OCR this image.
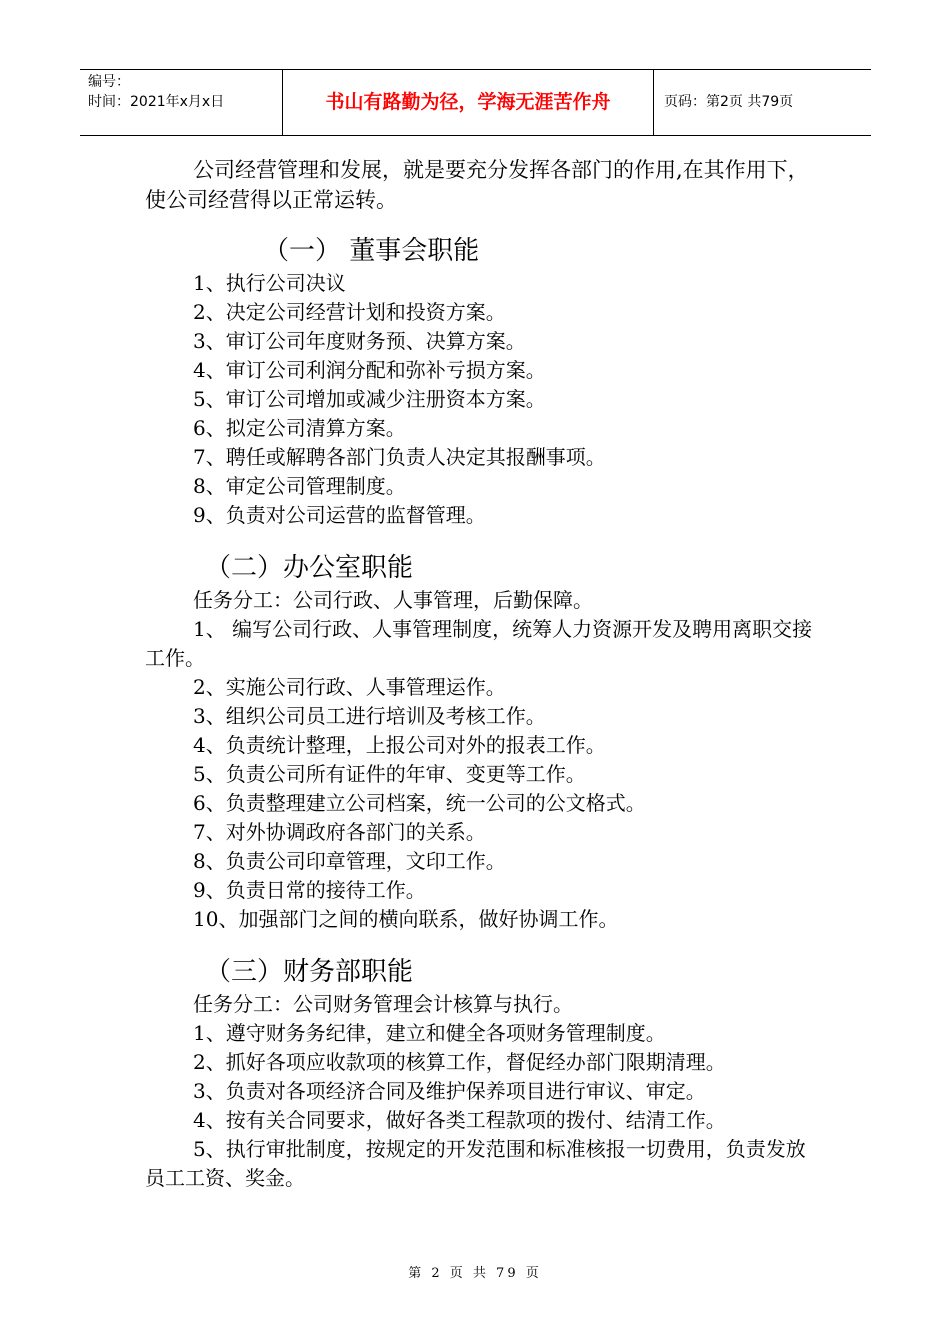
编号：
时间：2021年x月x日	书山有路勤为径，学海无涯苦作舟	页码：第2页 共79页

公司经营管理和发展，就是要充分发挥各部门的作用,在其作用下，使公司经营得以正常运转。

（一） 董事会职能

1、执行公司决议

2、决定公司经营计划和投资方案。

3、审订公司年度财务预、决算方案。

4、审订公司利润分配和弥补亏损方案。

5、审订公司增加或减少注册资本方案。

6、拟定公司清算方案。

7、聘任或解聘各部门负责人决定其报酬事项。

8、审定公司管理制度。

9、负责对公司运营的监督管理。

（二）办公室职能

任务分工：公司行政、人事管理，后勤保障。

1、 编写公司行政、人事管理制度，统筹人力资源开发及聘用离职交接工作。

2、实施公司行政、人事管理运作。

3、组织公司员工进行培训及考核工作。

4、负责统计整理，上报公司对外的报表工作。

5、负责公司所有证件的年审、变更等工作。

6、负责整理建立公司档案，统一公司的公文格式。

7、对外协调政府各部门的关系。

8、负责公司印章管理，文印工作。

9、负责日常的接待工作。

10、加强部门之间的横向联系，做好协调工作。

（三）财务部职能

任务分工：公司财务管理会计核算与执行。

1、遵守财务务纪律，建立和健全各项财务管理制度。

2、抓好各项应收款项的核算工作，督促经办部门限期清理。

3、负责对各项经济合同及维护保养项目进行审议、审定。

4、按有关合同要求，做好各类工程款项的拨付、结清工作。

5、执行审批制度，按规定的开发范围和标准核报一切费用，负责发放员工工资、奖金。

第 2 页 共 79 页
